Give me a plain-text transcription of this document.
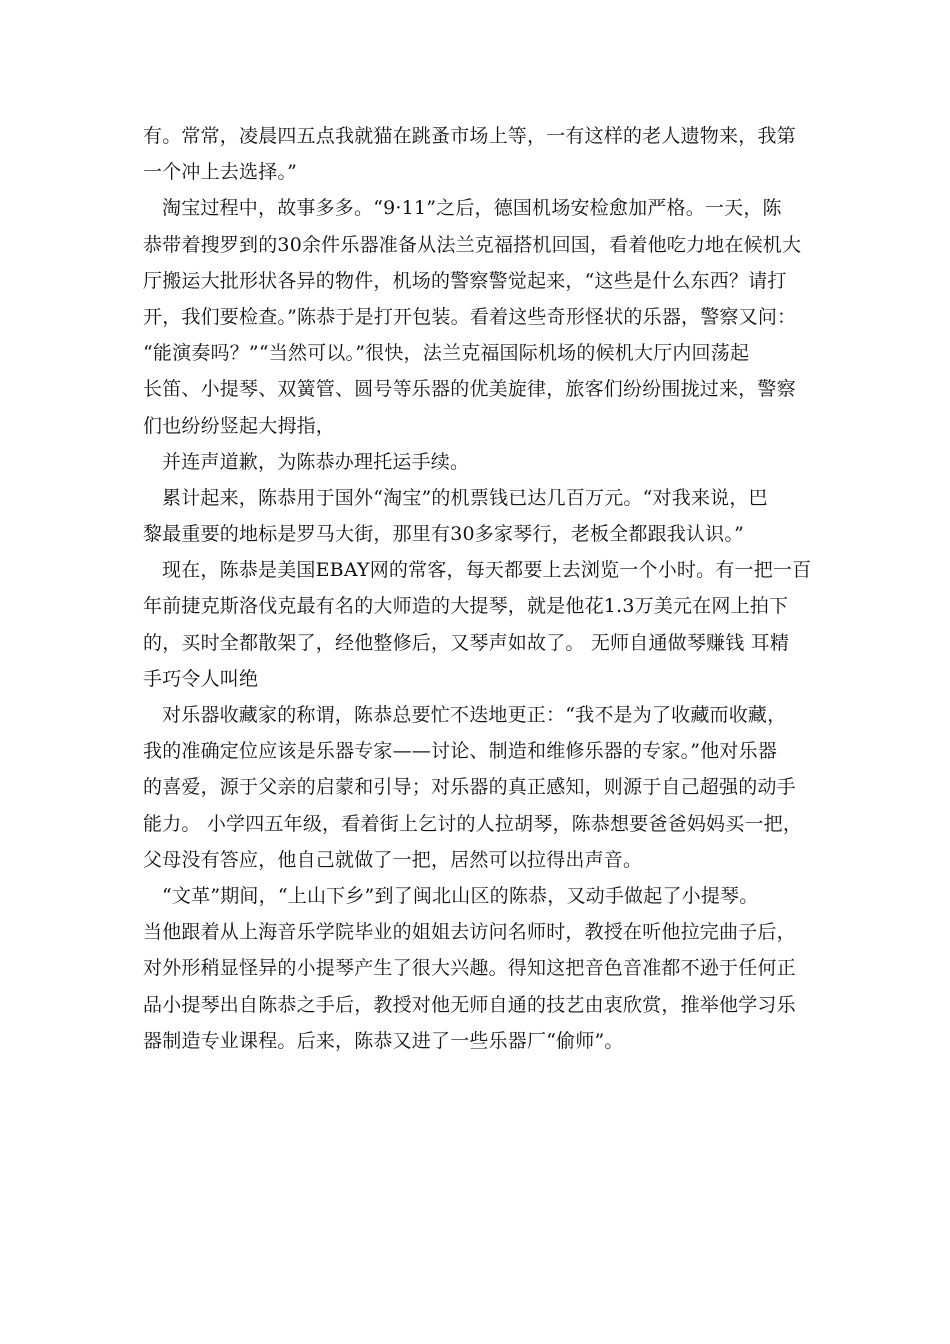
有。常常，凌晨四五点我就猫在跳蚤市场上等，一有这样的老人遗物来，我第
一个冲上去选择。”
淘宝过程中，故事多多。“9·11”之后，德国机场安检愈加严格。一天，陈
恭带着搜罗到的30余件乐器准备从法兰克福搭机回国，看着他吃力地在候机大
厅搬运大批形状各异的物件，机场的警察警觉起来，“这些是什么东西？请打
开，我们要检查。”陈恭于是打开包装。看着这些奇形怪状的乐器，警察又问：
“能演奏吗？”“当然可以。”很快，法兰克福国际机场的候机大厅内回荡起
长笛、小提琴、双簧管、圆号等乐器的优美旋律，旅客们纷纷围拢过来，警察
们也纷纷竖起大拇指，
并连声道歉，为陈恭办理托运手续。
累计起来，陈恭用于国外“淘宝”的机票钱已达几百万元。“对我来说，巴
黎最重要的地标是罗马大街，那里有30多家琴行，老板全都跟我认识。”
现在，陈恭是美国EBAY网的常客，每天都要上去浏览一个小时。有一把一百
年前捷克斯洛伐克最有名的大师造的大提琴，就是他花1.3万美元在网上拍下
的，买时全都散架了，经他整修后，又琴声如故了。 无师自通做琴赚钱 耳精
手巧令人叫绝
对乐器收藏家的称谓，陈恭总要忙不迭地更正：“我不是为了收藏而收藏，
我的准确定位应该是乐器专家——讨论、制造和维修乐器的专家。”他对乐器
的喜爱，源于父亲的启蒙和引导；对乐器的真正感知，则源于自己超强的动手
能力。 小学四五年级，看着街上乞讨的人拉胡琴，陈恭想要爸爸妈妈买一把，
父母没有答应，他自己就做了一把，居然可以拉得出声音。
“文革”期间，“上山下乡”到了闽北山区的陈恭，又动手做起了小提琴。
当他跟着从上海音乐学院毕业的姐姐去访问名师时，教授在听他拉完曲子后，
对外形稍显怪异的小提琴产生了很大兴趣。得知这把音色音准都不逊于任何正
品小提琴出自陈恭之手后，教授对他无师自通的技艺由衷欣赏，推举他学习乐
器制造专业课程。后来，陈恭又进了一些乐器厂“偷师”。
